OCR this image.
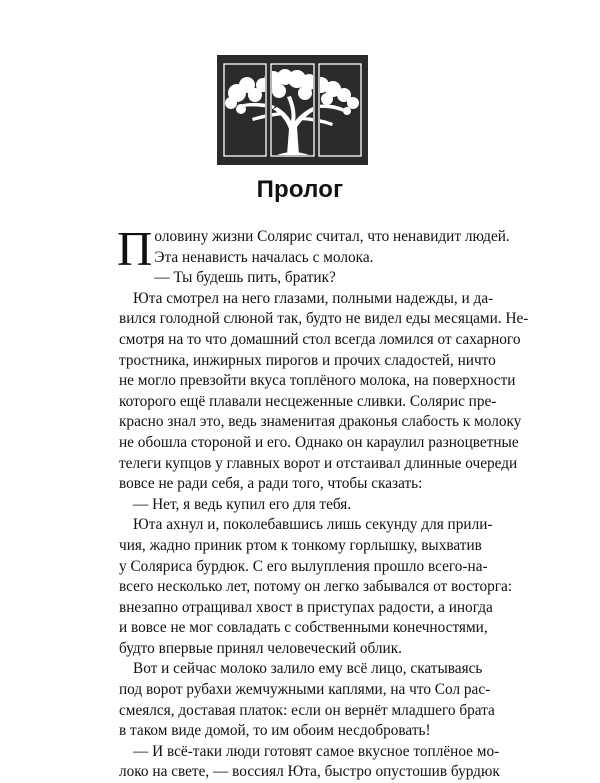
Пролог
П оловину жизни Солярис считал, что ненавидит людей.
Эта ненависть началась с молока.
— Ты будешь пить, братик?
Юта смотрел на него глазами, полными надежды, и да-
вился голодной слюной так, будто не видел еды месяцами. Не-
смотря на то что домашний стол всегда ломился от сахарного
тростника, инжирных пирогов и прочих сладостей, ничто
не могло превзойти вкуса топлёного молока, на поверхности
которого ещё плавали несцеженные сливки. Солярис пре-
красно знал это, ведь знаменитая драконья слабость к молоку
не обошла стороной и его. Однако он караулил разноцветные
телеги купцов у главных ворот и отстаивал длинные очереди
вовсе не ради себя, а ради того, чтобы сказать:
— Нет, я ведь купил его для тебя.
Юта ахнул и, поколебавшись лишь секунду для прили-
чия, жадно приник ртом к тонкому горлышку, выхватив
у Соляриса бурдюк. С его вылупления прошло всего-на-
всего несколько лет, потому он легко забывался от восторга:
внезапно отращивал хвост в приступах радости, а иногда
и вовсе не мог совладать с собственными конечностями,
будто впервые принял человеческий облик.
Вот и сейчас молоко залило ему всё лицо, скатываясь
под ворот рубахи жемчужными каплями, на что Сол рас-
смеялся, доставая платок: если он вернёт младшего брата
в таком виде домой, то им обоим несдобровать!
— И всё-таки люди готовят самое вкусное топлёное мо-
локо на свете, — воссиял Юта, быстро опустошив бурдюк
